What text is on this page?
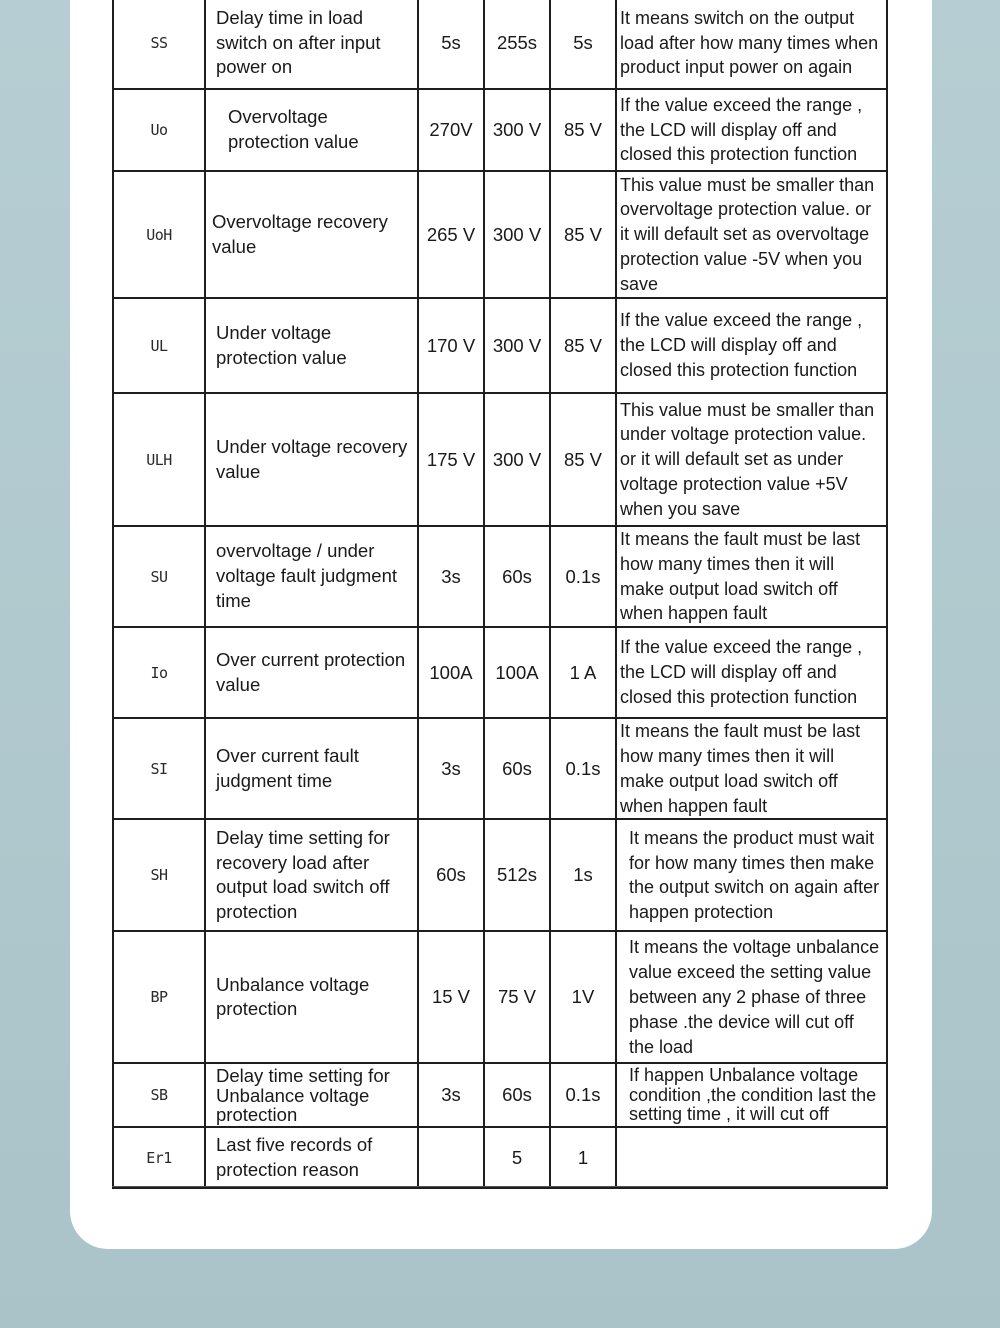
SS	Delay time in load switch on after input power on	5s	255s	5s	It means switch on the output load after how many times when product input power on again
Uo	Overvoltage protection value	270V	300 V	85 V	If the value exceed the range , the LCD will display off and closed this protection function
UoH	Overvoltage recovery value	265 V	300 V	85 V	This value must be smaller than overvoltage protection value. or it will default set as overvoltage protection value -5V when you save
UL	Under voltage protection value	170 V	300 V	85 V	If the value exceed the range , the LCD will display off and closed this protection function
ULH	Under voltage recovery value	175 V	300 V	85 V	This value must be smaller than under voltage protection value. or it will default set as under voltage protection value +5V when you save
SU	overvoltage / under voltage fault judgment time	3s	60s	0.1s	It means the fault must be last how many times then it will make output load switch off when happen fault
Io	Over current protection value	100A	100A	1 A	If the value exceed the range , the LCD will display off and closed this protection function
SI	Over current fault judgment time	3s	60s	0.1s	It means the fault must be last how many times then it will make output load switch off when happen fault
SH	Delay time setting for recovery load after output load switch off protection	60s	512s	1s	It means the product must wait for how many times then make the output switch on again after happen protection
BP	Unbalance voltage protection	15 V	75 V	1V	It means the voltage unbalance value exceed the setting value between any 2 phase of three phase .the device will cut off the load
SB	Delay time setting for Unbalance voltage protection	3s	60s	0.1s	If happen Unbalance voltage condition ,the condition last the setting time , it will cut off
Er1	Last five records of protection reason		5	1	
